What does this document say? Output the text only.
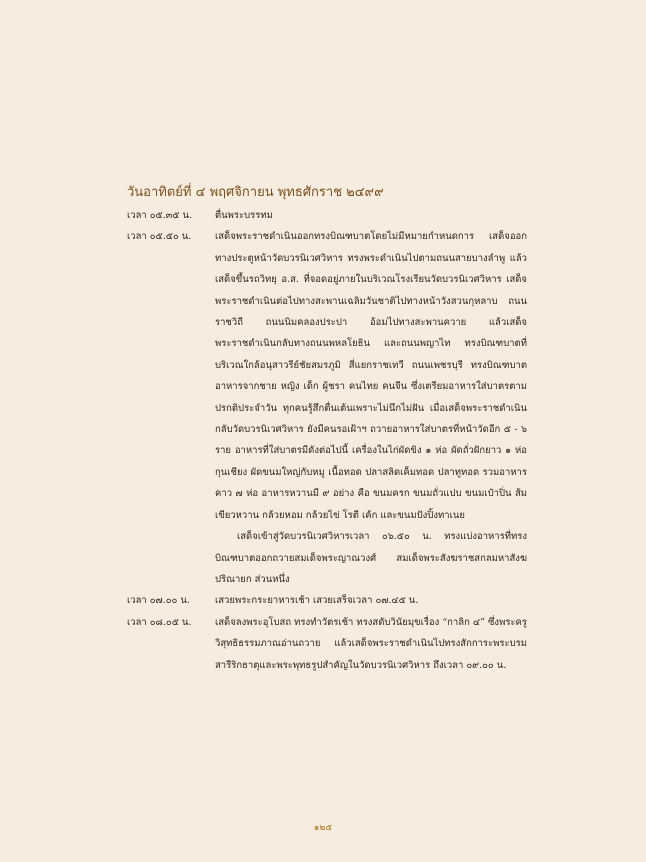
วันอาทิตย์ที่ ๔ พฤศจิกายน พุทธศักราช ๒๔๙๙
เวลา ๐๕.๓๕ น.	ตื่นพระบรรทม

เวลา ๐๕.๕๐ น.	เสด็จพระราชดำเนินออกทรงบิณฑบาตโดยไม่มีหมายกำหนดการ เสด็จออกทางประตูหน้าวัดบวรนิเวศวิหาร ทรงพระดำเนินไปตามถนนสายบางลำพู แล้วเสด็จขึ้นรถวิทยุ อ.ส. ที่จอดอยู่ภายในบริเวณโรงเรียนวัดบวรนิเวศวิหาร เสด็จพระราชดำเนินต่อไปทางสะพานเฉลิมวันชาติไปทางหน้าวังสวนกุหลาบ ถนนราชวิถี ถนนนิมคลองประปา อ้อมไปทางสะพานควาย แล้วเสด็จพระราชดำเนินกลับทางถนนพหลโยธิน และถนนพญาไท ทรงบิณฑบาตที่บริเวณใกล้อนุสาวรีย์ชัยสมรภูมิ สี่แยกราชเทวี ถนนเพชรบุรี ทรงบิณฑบาตอาหารจากชาย หญิง เด็ก ผู้ชรา คนไทย คนจีน ซึ่งเตรียมอาหารใส่บาตรตามปรกติประจำวัน ทุกคนรู้สึกตื่นเต้นเพราะไม่นึกไม่ฝัน เมื่อเสด็จพระราชดำเนินกลับวัดบวรนิเวศวิหาร ยังมีคนรอเฝ้าฯ ถวายอาหารใส่บาตรที่หน้าวัดอีก ๕ - ๖ ราย อาหารที่ใส่บาตรมีดังต่อไปนี้ เครื่องในไก่ผัดขิง ๑ ห่อ ผัดถั่วฝักยาว ๑ ห่อ กุนเชียง ผัดขนมใหญ่กับหมู เนื้อทอด ปลาสลิดเค็มทอด ปลาทูทอด รวมอาหารคาว ๗ ห่อ อาหารหวานมี ๙ อย่าง คือ ขนมครก ขนมถั่วแปบ ขนมเป๋าปิ่น ส้มเขียวหวาน กล้วยหอม กล้วยไข่ โรตี เค้ก และขนมปังปิ้งทาเนย

เสด็จเข้าสู่วัดบวรนิเวศวิหารเวลา ๐๖.๕๐ น. ทรงแบ่งอาหารที่ทรงบิณฑบาตออกถวายสมเด็จพระญาณวงศ์ สมเด็จพระสังฆราชสกลมหาสังฆปริณายก ส่วนหนึ่ง

เวลา ๐๗.๐๐ น.	เสวยพระกระยาหารเช้า เสวยเสร็จเวลา ๐๗.๔๕ น.

เวลา ๐๘.๐๕ น.	เสด็จลงพระอุโบสถ ทรงทำวัตรเช้า ทรงสดับวินัยมุขเรื่อง “กาลิก ๔” ซึ่งพระครูวิสุทธิธรรมภาณอ่านถวาย แล้วเสด็จพระราชดำเนินไปทรงสักการะพระบรมสารีริกธาตุและพระพุทธรูปสำคัญในวัดบวรนิเวศวิหาร ถึงเวลา ๐๙.๐๐ น.

๑๒๕
